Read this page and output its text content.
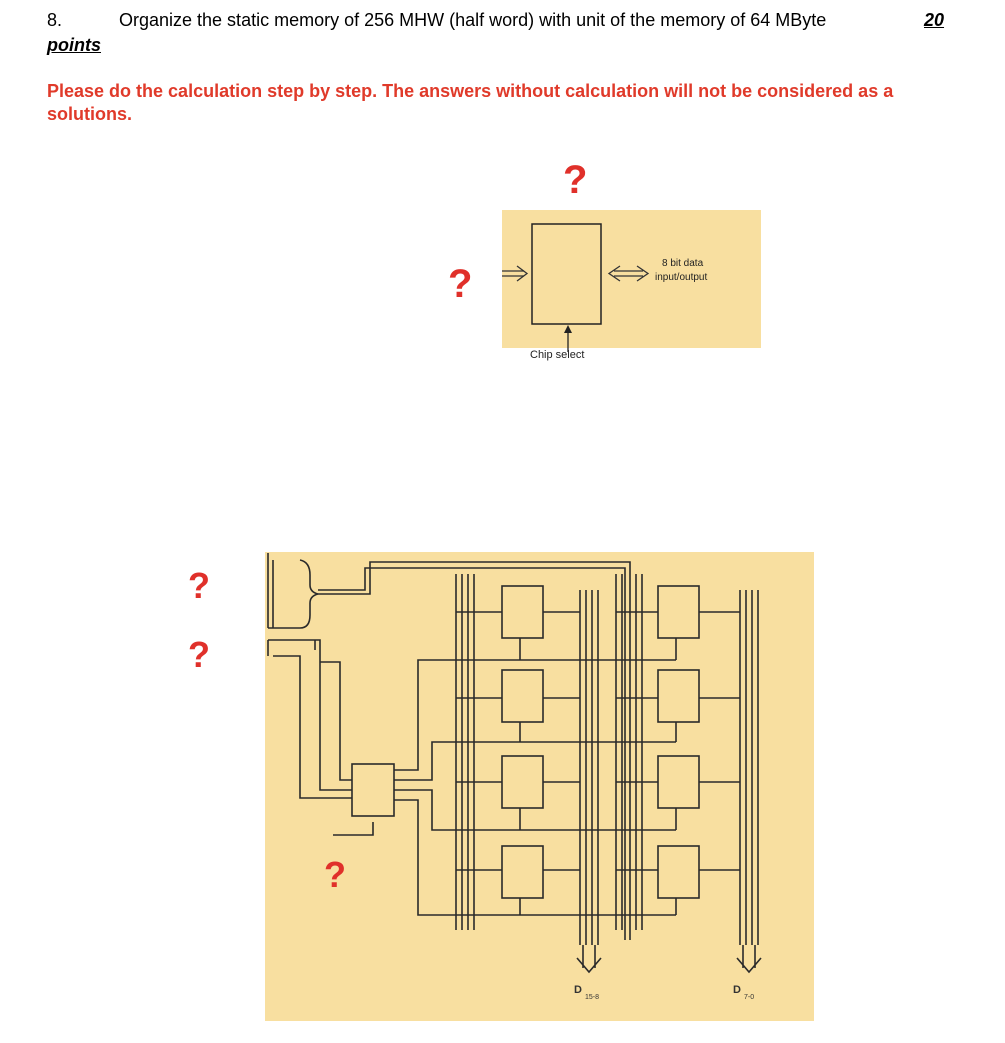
8.	Organize the static memory of 256 MHW (half word) with unit of the memory of 64 MByte	20
points
Please do the calculation step by step. The answers without calculation will not be considered as a solutions.
?
?	8 bit data
input/output
Chip select
?
?
?
D
15-8
D
7-0
